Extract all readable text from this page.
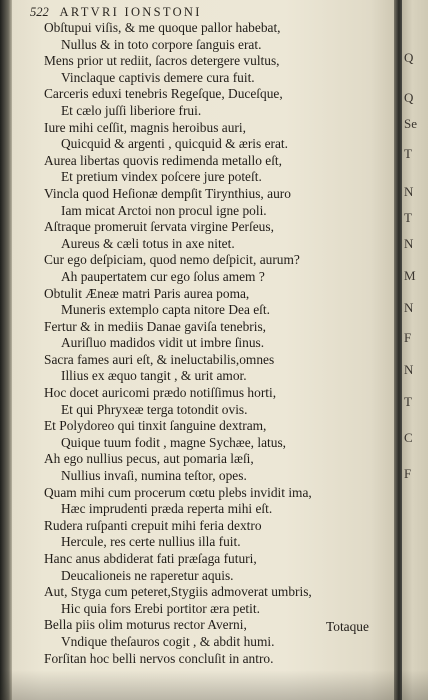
522 ARTVRI IONSTONI
Obſtupui viſis, & me quoque pallor habebat,
Nullus & in toto corpore ſanguis erat.
Mens prior ut rediit, ſacros detergere vultus,
Vinclaque captivis demere cura fuit.
Carceris eduxi tenebris Regeſque, Duceſque,
Et cælo juſſi liberiore frui.
Iure mihi ceſſit, magnis heroibus auri,
Quicquid & argenti , quicquid & æris erat.
Aurea libertas quovis redimenda metallo eſt,
Et pretium vindex poſcere jure poteſt.
Vincla quod Heſionæ dempſit Tirynthius, auro
Iam micat Arctoi non procul igne poli.
Aſtraque promeruit ſervata virgine Perſeus,
Aureus & cæli totus in axe nitet.
Cur ego deſpiciam, quod nemo deſpicit, aurum?
Ah paupertatem cur ego ſolus amem ?
Obtulit Æneæ matri Paris aurea poma,
Muneris extemplo capta nitore Dea eſt.
Fertur & in mediis Danae gaviſa tenebris,
Auriſluo madidos vidit ut imbre ſinus.
Sacra fames auri eſt, & ineluctabilis,omnes
Illius ex æquo tangit , & urit amor.
Hoc docet auricomi prædo notiſſimus horti,
Et qui Phryxeæ terga totondit ovis.
Et Polydoreo qui tinxit ſanguine dextram,
Quique tuum fodit , magne Sychæe, latus,
Ah ego nullius pecus, aut pomaria læſi,
Nullius invaſi, numina teſtor, opes.
Quam mihi cum procerum cœtu plebs invidit ima,
Hæc imprudenti præda reperta mihi eſt.
Rudera ruſpanti crepuit mihi feria dextro
Hercule, res certe nullius illa fuit.
Hanc anus abdiderat fati præſaga futuri,
Deucalioneis ne raperetur aquis.
Aut, Styga cum peteret,Stygiis admoverat umbris,
Hic quia fors Erebi portitor æra petit.
Bella piis olim moturus rector Averni,
Vndique theſauros cogit , & abdit humi.
Forſitan hoc belli nervos concluſit in antro.
Totaque
Q
Q
Se
T
N
T
N
M
N
F
N
T
C
F
